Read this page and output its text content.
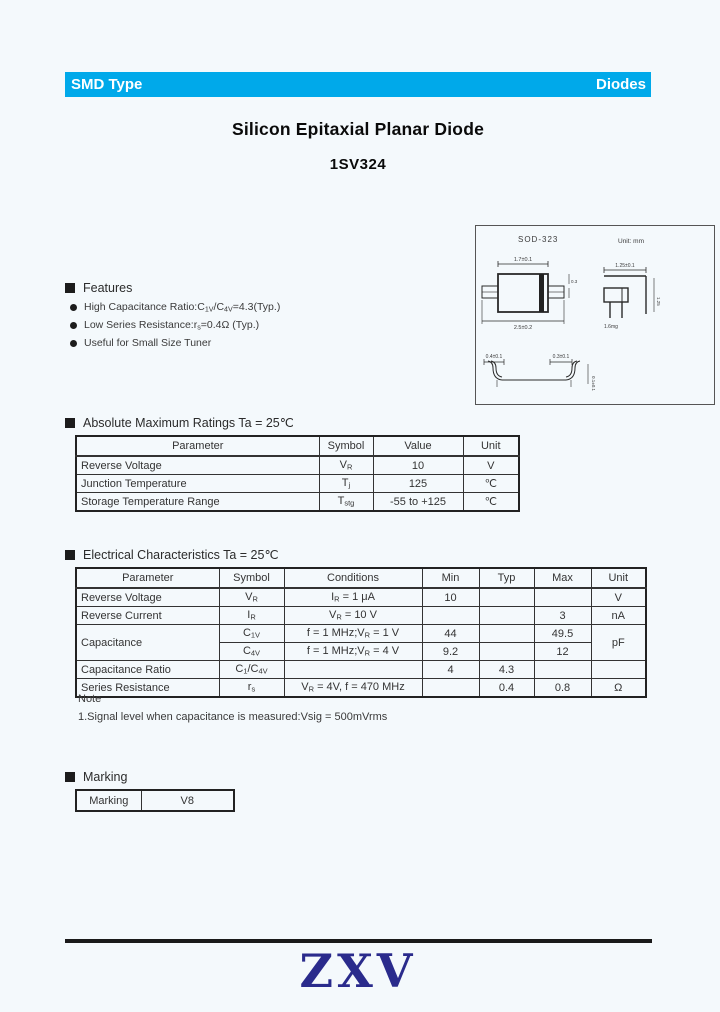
SMD Type	Diodes
Silicon Epitaxial Planar Diode
1SV324
SOD-323	Unit: mm
1.7±0.1
2.5±0.2
0.3
1.25±0.1
1.25
1.6mg
0.4±0.1	0.3±0.1
0.1±0.1
Features
High Capacitance $Ratio:C_{1V}/C_{4V}=4.3(Typ.)$
Low Series $Resistance:r_s=0.4\Omega$ (Typ.)
Useful for Small Size Tuner
Absolute Maximum Ratings Ta = 25℃
Parameter	Symbol	Value	Unit
Reverse Voltage	$V_R$	10	V
Junction Temperature	$T_j$	125	℃
Storage Temperature Range	$T_{stg}$	-55 to +125	℃
Electrical Characteristics Ta = 25℃
Parameter	Symbol	Conditions	Min	Typ	Max	Unit
Reverse Voltage	$V_R$	$I_R = 1$ μA	10			V
Reverse Current	$I_R$	$V_R = 10$ V			3	nA
Capacitance	$C_{1V}$	f = 1 $MHz;V_R = 1$ V	44		49.5	pF
	$C_{4V}$	f = 1 $MHz;V_R = 4$ V	9.2		12	
Capacitance Ratio	$C_1/C_{4V}$		4	4.3		
Series Resistance	$r_s$	$V_R = 4V$, f = 470 MHz		0.4	0.8	Ω
Note
1.Signal level when capacitance is measured:Vsig = 500mVrms
Marking
Marking	V8
ZXV
